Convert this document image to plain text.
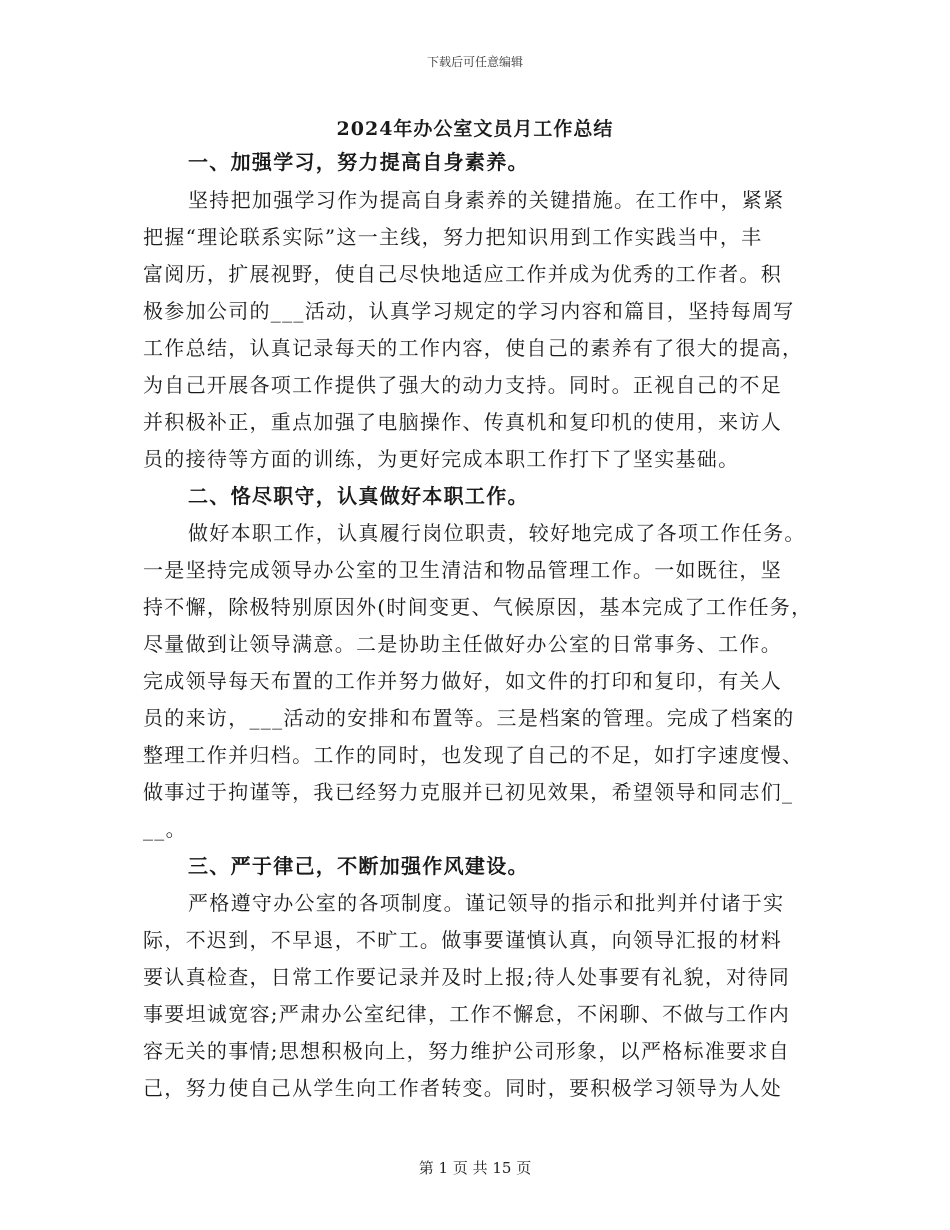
下载后可任意编辑
2024年办公室文员月工作总结
一、加强学习，努力提高自身素养。
坚持把加强学习作为提高自身素养的关键措施。在工作中，紧紧
把握“理论联系实际”这一主线，努力把知识用到工作实践当中，丰
富阅历，扩展视野，使自己尽快地适应工作并成为优秀的工作者。积
极参加公司的___活动，认真学习规定的学习内容和篇目，坚持每周写
工作总结，认真记录每天的工作内容，使自己的素养有了很大的提高，
为自己开展各项工作提供了强大的动力支持。同时。正视自己的不足
并积极补正，重点加强了电脑操作、传真机和复印机的使用，来访人
员的接待等方面的训练，为更好完成本职工作打下了坚实基础。
二、恪尽职守，认真做好本职工作。
做好本职工作，认真履行岗位职责，较好地完成了各项工作任务。
一是坚持完成领导办公室的卫生清洁和物品管理工作。一如既往，坚
持不懈，除极特别原因外(时间变更、气候原因，基本完成了工作任务，
尽量做到让领导满意。二是协助主任做好办公室的日常事务、工作。
完成领导每天布置的工作并努力做好，如文件的打印和复印，有关人
员的来访，___活动的安排和布置等。三是档案的管理。完成了档案的
整理工作并归档。工作的同时，也发现了自己的不足，如打字速度慢、
做事过于拘谨等，我已经努力克服并已初见效果，希望领导和同志们_
__。
三、严于律己，不断加强作风建设。
严格遵守办公室的各项制度。谨记领导的指示和批判并付诸于实
际，不迟到，不早退，不旷工。做事要谨慎认真，向领导汇报的材料
要认真检查，日常工作要记录并及时上报;待人处事要有礼貌，对待同
事要坦诚宽容;严肃办公室纪律，工作不懈怠，不闲聊、不做与工作内
容无关的事情;思想积极向上，努力维护公司形象，以严格标准要求自
己，努力使自己从学生向工作者转变。同时，要积极学习领导为人处
第 1 页 共 15 页
